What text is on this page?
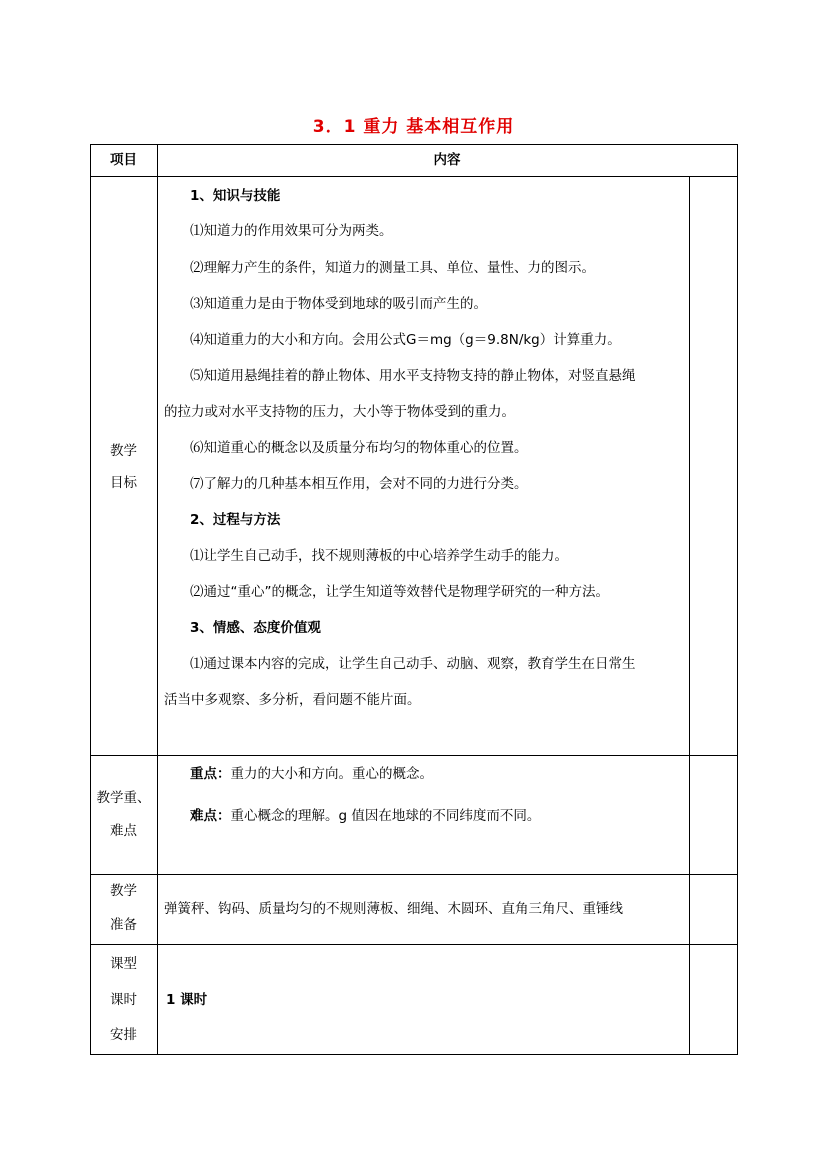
3．1 重力 基本相互作用
项目	内容
教学
目标
1、知识与技能
⑴知道力的作用效果可分为两类。
⑵理解力产生的条件，知道力的测量工具、单位、量性、力的图示。
⑶知道重力是由于物体受到地球的吸引而产生的。
⑷知道重力的大小和方向。会用公式G＝mg（g＝9.8N/kg）计算重力。
⑸知道用悬绳挂着的静止物体、用水平支持物支持的静止物体，对竖直悬绳
的拉力或对水平支持物的压力，大小等于物体受到的重力。
⑹知道重心的概念以及质量分布均匀的物体重心的位置。
⑺了解力的几种基本相互作用，会对不同的力进行分类。
2、过程与方法
⑴让学生自己动手，找不规则薄板的中心培养学生动手的能力。
⑵通过“重心”的概念，让学生知道等效替代是物理学研究的一种方法。
3、情感、态度价值观
⑴通过课本内容的完成，让学生自己动手、动脑、观察，教育学生在日常生
活当中多观察、多分析，看问题不能片面。
教学重、
难点
重点：重力的大小和方向。重心的概念。
难点：重心概念的理解。g 值因在地球的不同纬度而不同。
教学
准备
弹簧秤、钩码、质量均匀的不规则薄板、细绳、木圆环、直角三角尺、重锤线
课型
课时
安排
1 课时
